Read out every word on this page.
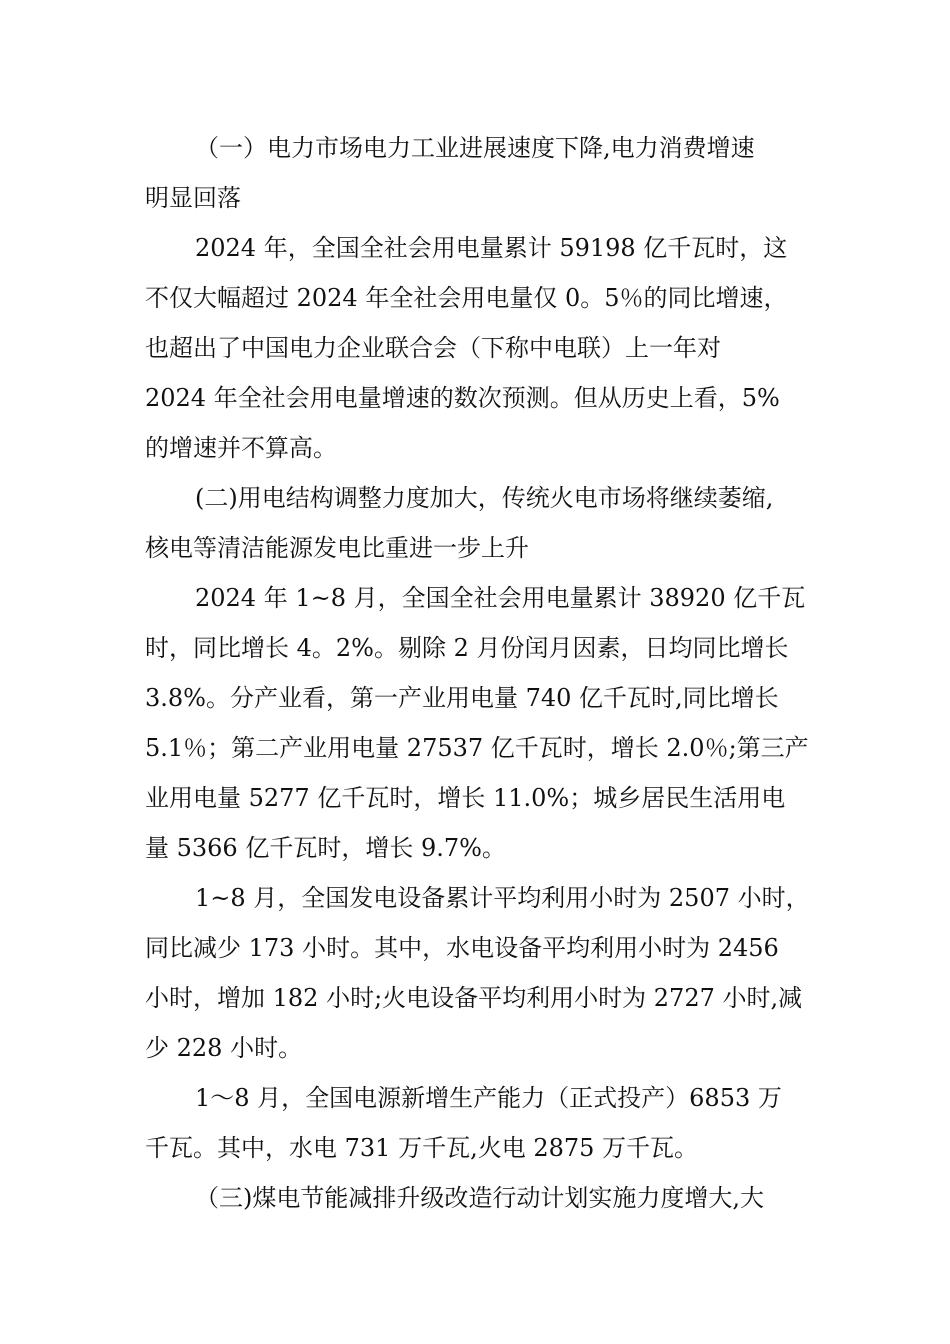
（一）电力市场电力工业进展速度下降,电力消费增速
明显回落
2024 年，全国全社会用电量累计 59198 亿千瓦时，这
不仅大幅超过 2024 年全社会用电量仅 0。5％的同比增速，
也超出了中国电力企业联合会（下称中电联）上一年对
2024 年全社会用电量增速的数次预测。但从历史上看，5%
的增速并不算高。
(二)用电结构调整力度加大，传统火电市场将继续萎缩,
核电等清洁能源发电比重进一步上升
2024 年 1~8 月，全国全社会用电量累计 38920 亿千瓦
时，同比增长 4。2%。剔除 2 月份闰月因素，日均同比增长
3.8%。分产业看，第一产业用电量 740 亿千瓦时,同比增长
5.1％；第二产业用电量 27537 亿千瓦时，增长 2.0％;第三产
业用电量 5277 亿千瓦时，增长 11.0%；城乡居民生活用电
量 5366 亿千瓦时，增长 9.7%。
1~8 月，全国发电设备累计平均利用小时为 2507 小时，
同比减少 173 小时。其中，水电设备平均利用小时为 2456
小时，增加 182 小时;火电设备平均利用小时为 2727 小时,减
少 228 小时。
1～8 月，全国电源新增生产能力（正式投产）6853 万
千瓦。其中，水电 731 万千瓦,火电 2875 万千瓦。
（三)煤电节能减排升级改造行动计划实施力度增大,大
